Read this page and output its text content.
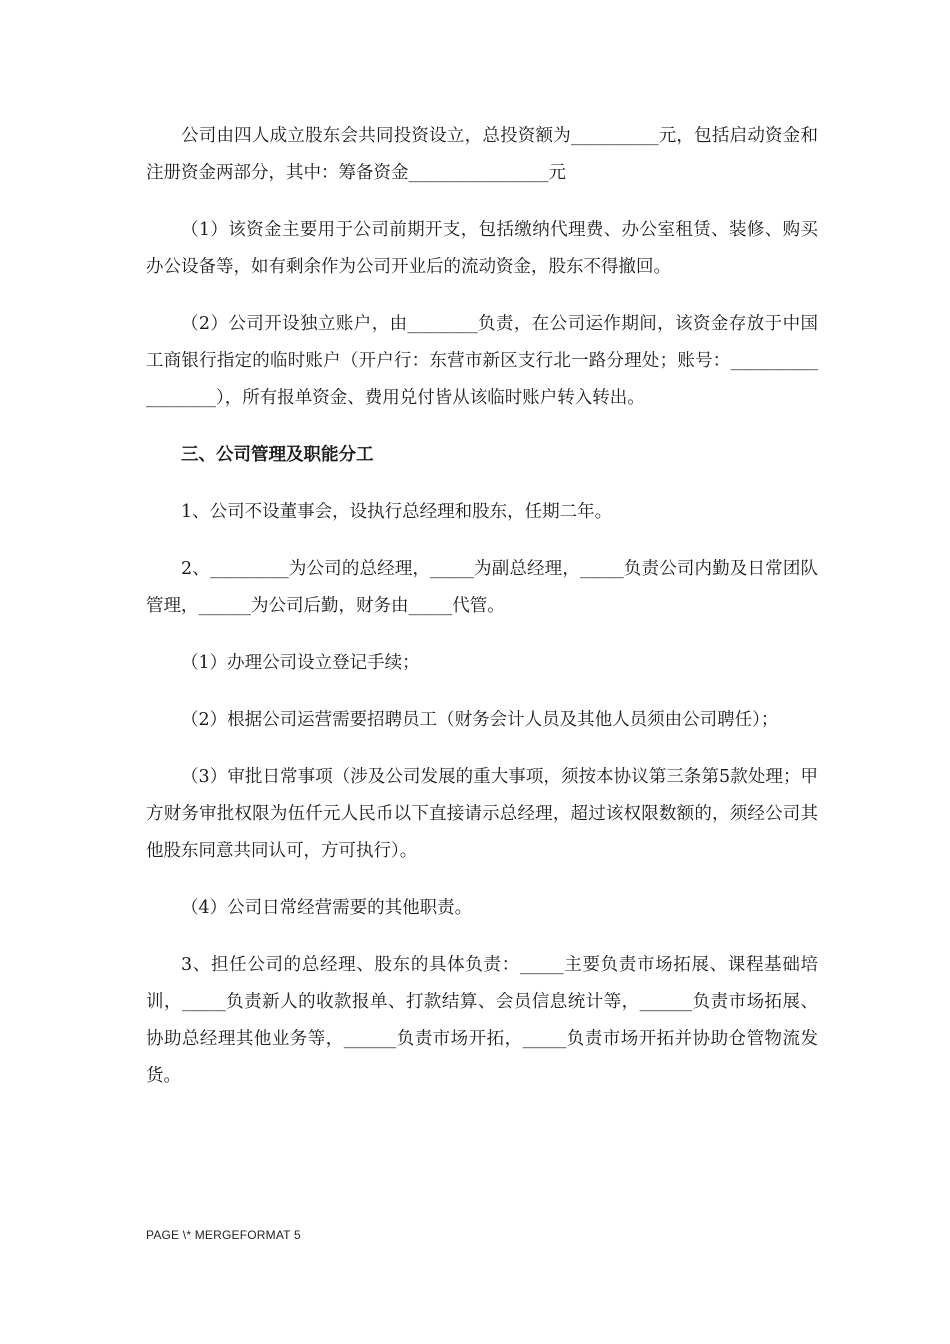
公司由四人成立股东会共同投资设立，总投资额为__________元，包括启动资金和注册资金两部分，其中：筹备资金________________元

（1）该资金主要用于公司前期开支，包括缴纳代理费、办公室租赁、装修、购买办公设备等，如有剩余作为公司开业后的流动资金，股东不得撤回。

（2）公司开设独立账户，由________负责，在公司运作期间，该资金存放于中国工商银行指定的临时账户（开户行：东营市新区支行北一路分理处；账号：__________________），所有报单资金、费用兑付皆从该临时账户转入转出。

三、公司管理及职能分工

1、公司不设董事会，设执行总经理和股东，任期二年。

2、_________为公司的总经理，_____为副总经理，_____负责公司内勤及日常团队管理，______为公司后勤，财务由_____代管。

（1）办理公司设立登记手续；

（2）根据公司运营需要招聘员工（财务会计人员及其他人员须由公司聘任）；

（3）审批日常事项（涉及公司发展的重大事项，须按本协议第三条第5款处理；甲方财务审批权限为伍仟元人民币以下直接请示总经理，超过该权限数额的，须经公司其他股东同意共同认可，方可执行）。

（4）公司日常经营需要的其他职责。

3、担任公司的总经理、股东的具体负责：_____主要负责市场拓展、课程基础培训，_____负责新人的收款报单、打款结算、会员信息统计等，______负责市场拓展、协助总经理其他业务等，______负责市场开拓，_____负责市场开拓并协助仓管物流发货。

PAGE \* MERGEFORMAT 5
